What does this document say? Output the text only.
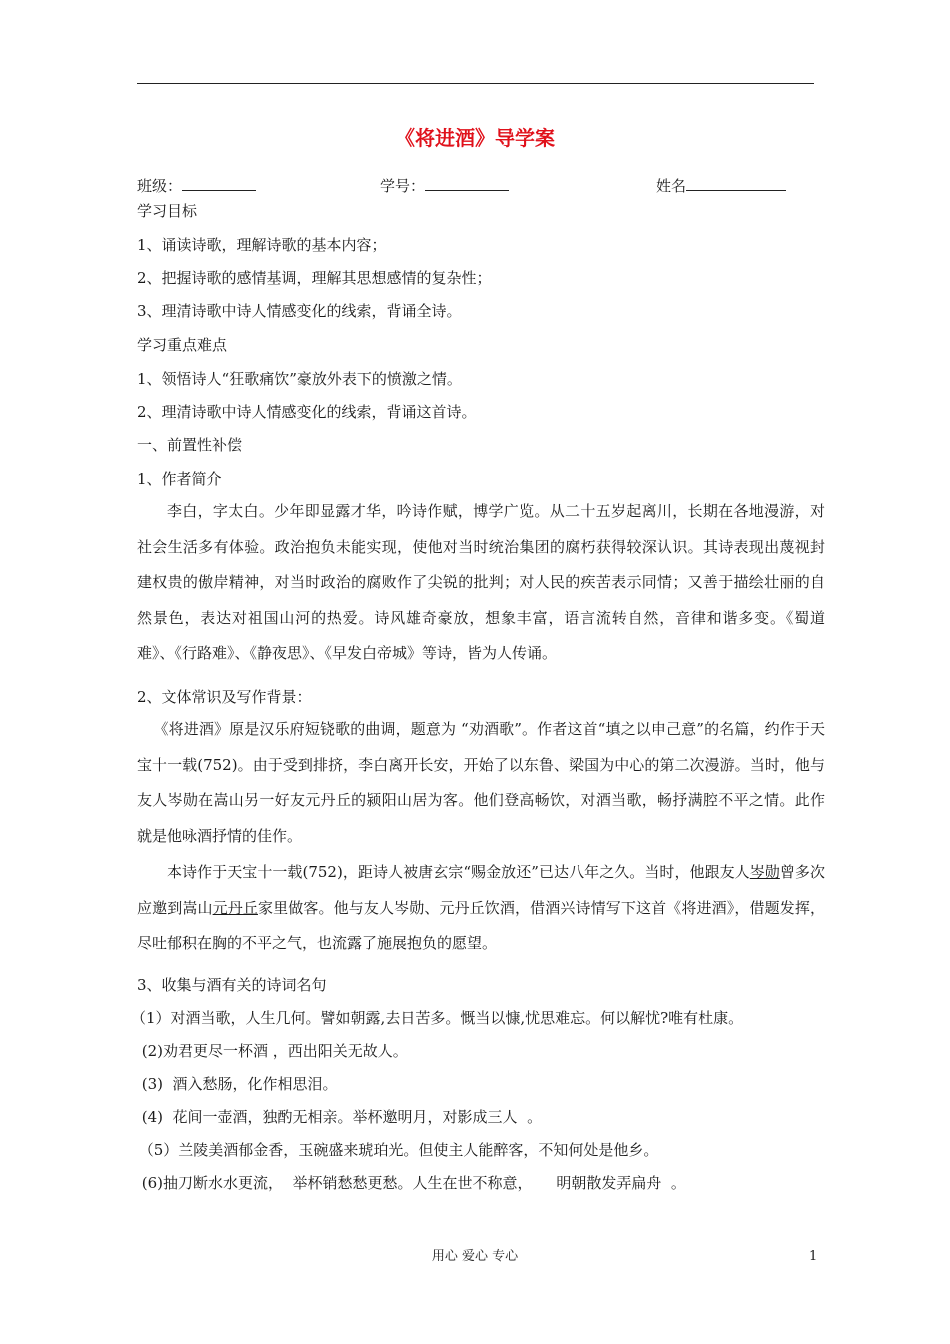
《将进酒》导学案
班级：	学号：	姓名
学习目标
1、诵读诗歌，理解诗歌的基本内容；
2、把握诗歌的感情基调，理解其思想感情的复杂性；
3、理清诗歌中诗人情感变化的线索，背诵全诗。
学习重点难点
1、领悟诗人“狂歌痛饮”豪放外表下的愤激之情。
2、理清诗歌中诗人情感变化的线索，背诵这首诗。
一、前置性补偿
1、作者简介
李白，字太白。少年即显露才华，吟诗作赋，博学广览。从二十五岁起离川，长期在各地漫游，对社会生活多有体验。政治抱负未能实现，使他对当时统治集团的腐朽获得较深认识。其诗表现出蔑视封建权贵的傲岸精神，对当时政治的腐败作了尖锐的批判；对人民的疾苦表示同情；又善于描绘壮丽的自然景色，表达对祖国山河的热爱。诗风雄奇豪放，想象丰富，语言流转自然，音律和谐多变。《蜀道难》、《行路难》、《静夜思》、《早发白帝城》等诗，皆为人传诵。
2、文体常识及写作背景：
《将进酒》原是汉乐府短铙歌的曲调，题意为 “劝酒歌”。作者这首“填之以申己意”的名篇，约作于天宝十一载(752)。由于受到排挤，李白离开长安，开始了以东鲁、梁国为中心的第二次漫游。当时，他与友人岑勋在嵩山另一好友元丹丘的颍阳山居为客。他们登高畅饮，对酒当歌，畅抒满腔不平之情。此作就是他咏酒抒情的佳作。
本诗作于天宝十一载(752)，距诗人被唐玄宗“赐金放还”已达八年之久。当时，他跟友人岑勋曾多次应邀到嵩山元丹丘家里做客。他与友人岑勋、元丹丘饮酒，借酒兴诗情写下这首《将进酒》，借题发挥，尽吐郁积在胸的不平之气，也流露了施展抱负的愿望。
3、收集与酒有关的诗词名句
（1）对酒当歌，人生几何。譬如朝露,去日苦多。慨当以慷,忧思难忘。何以解忧?唯有杜康。
(2)劝君更尽一杯酒 ，西出阳关无故人。
(3)  酒入愁肠，化作相思泪。
(4)  花间一壶酒，独酌无相亲。举杯邀明月，对影成三人  。
（5）兰陵美酒郁金香，玉碗盛来琥珀光。但使主人能醉客，不知何处是他乡。
(6)抽刀断水水更流，  举杯销愁愁更愁。人生在世不称意，     明朝散发弄扁舟  。
用心 爱心 专心	1
